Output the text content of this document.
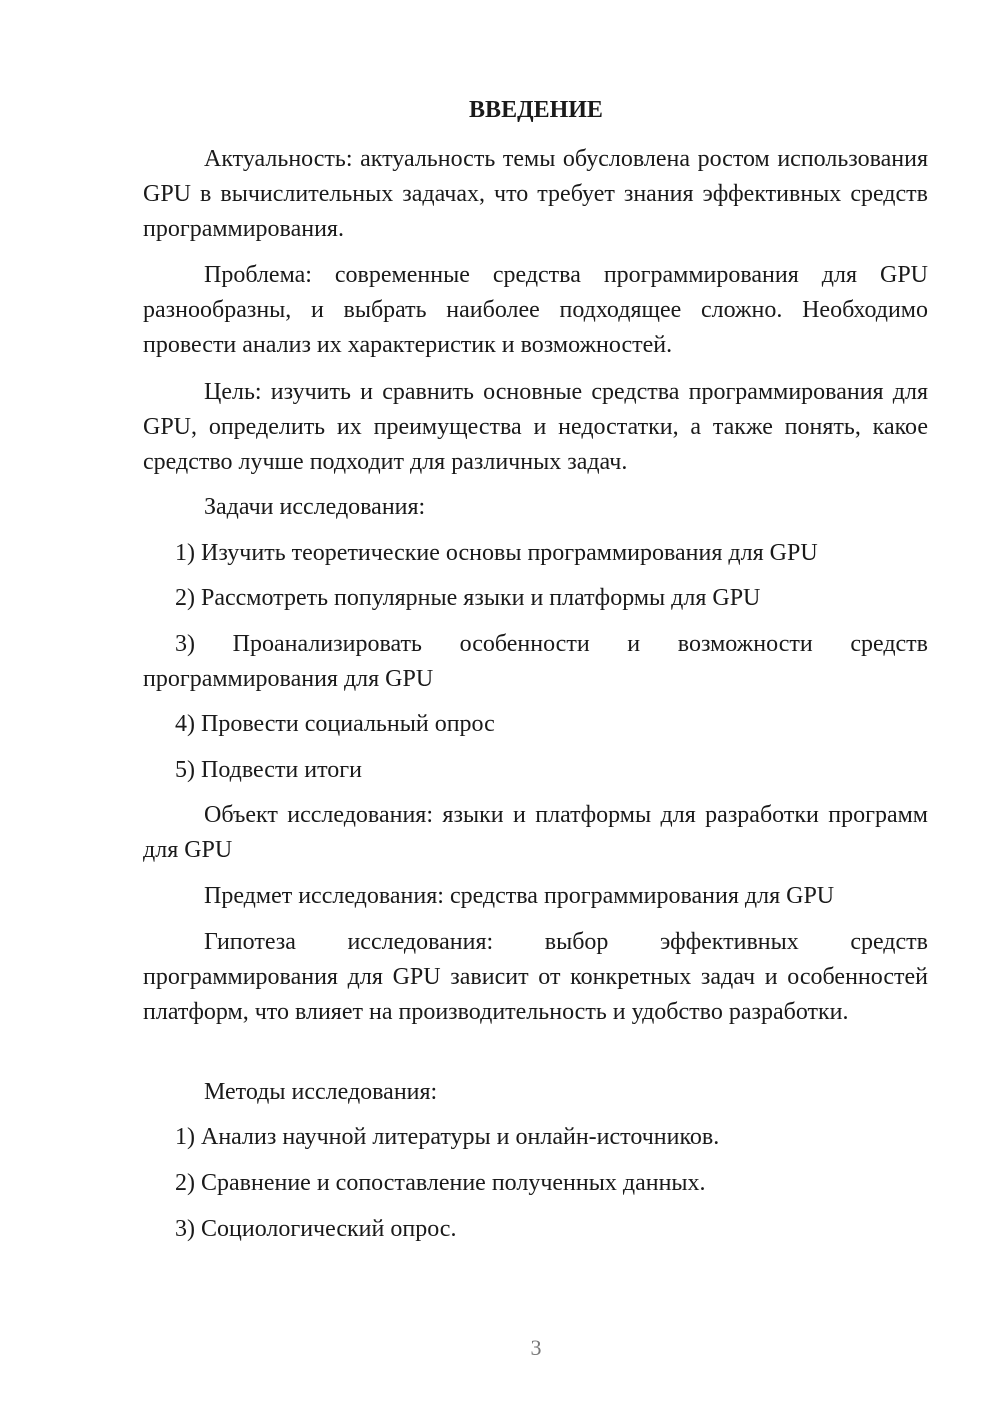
ВВЕДЕНИЕ

Актуальность: актуальность темы обусловлена ростом использования GPU в вычислительных задачах, что требует знания эффективных средств программирования.

Проблема: современные средства программирования для GPU разнообразны, и выбрать наиболее подходящее сложно. Необходимо провести анализ их характеристик и возможностей.

Цель: изучить и сравнить основные средства программирования для GPU, определить их преимущества и недостатки, а также понять, какое средство лучше подходит для различных задач.

Задачи исследования:

1) Изучить теоретические основы программирования для GPU

2) Рассмотреть популярные языки и платформы для GPU

3) Проанализировать особенности и возможности средств программирования для GPU

4) Провести социальный опрос

5) Подвести итоги

Объект исследования: языки и платформы для разработки программ для GPU

Предмет исследования: средства программирования для GPU

Гипотеза исследования: выбор эффективных средств программирования для GPU зависит от конкретных задач и особенностей платформ, что влияет на производительность и удобство разработки.

Методы исследования:

1) Анализ научной литературы и онлайн-источников.

2) Сравнение и сопоставление полученных данных.

3) Социологический опрос.

3
